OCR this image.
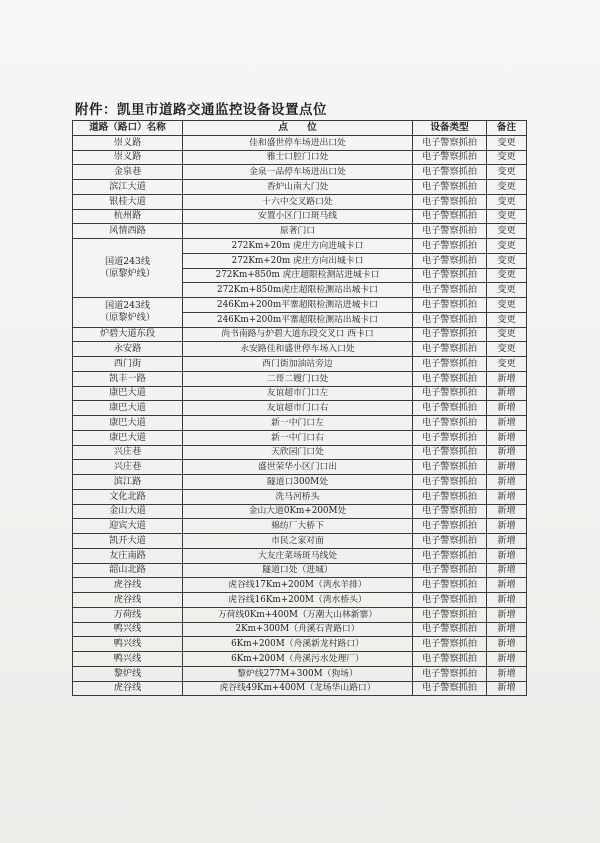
附件：凯里市道路交通监控设备设置点位
道路（路口）名称	点　　位	设备类型	备注
崇义路	佳和盛世停车场进出口处	电子警察抓拍	变更
崇义路	雅士口腔门口处	电子警察抓拍	变更
金泉巷	金泉一品停车场进出口处	电子警察抓拍	变更
滨江大道	香炉山南大门处	电子警察抓拍	变更
银桂大道	十六中交叉路口处	电子警察抓拍	变更
杭州路	安置小区门口斑马线	电子警察抓拍	变更
风情西路	原著门口	电子警察抓拍	变更
国道243线
（原黎炉线）	272Km+20m 虎庄方向进城卡口	电子警察抓拍	变更
	272Km+20m 虎庄方向出城卡口	电子警察抓拍	变更
	272Km+850m 虎庄超限检测站进城卡口	电子警察抓拍	变更
	272Km+850m虎庄超限检测站出城卡口	电子警察抓拍	变更
国道243线
（原黎炉线）	246Km+200m平寨超限检测站进城卡口	电子警察抓拍	变更
	246Km+200m平寨超限检测站出城卡口	电子警察抓拍	变更
炉碧大道东段	尚书南路与炉碧大道东段交叉口 西卡口	电子警察抓拍	变更
永安路	永安路佳和盛世停车场入口处	电子警察抓拍	变更
西门街	西门街加油站旁边	电子警察抓拍	变更
凯丰一路	二哥二嫂门口处	电子警察抓拍	新增
康巴大道	友谊超市门口左	电子警察抓拍	新增
康巴大道	友谊超市门口右	电子警察抓拍	新增
康巴大道	新一中门口左	电子警察抓拍	新增
康巴大道	新一中门口右	电子警察抓拍	新增
兴庄巷	天欣园门口处	电子警察抓拍	新增
兴庄巷	盛世荣华小区门口出	电子警察抓拍	新增
滨江路	隧道口300M处	电子警察抓拍	新增
文化北路	洗马河桥头	电子警察抓拍	新增
金山大道	金山大道0Km+200M处	电子警察抓拍	新增
迎宾大道	棉纺厂大桥下	电子警察抓拍	新增
凯开大道	市民之家对面	电子警察抓拍	新增
友庄南路	大友庄菜场斑马线处	电子警察抓拍	新增
韶山北路	隧道口处（进城）	电子警察抓拍	新增
虎谷线	虎谷线17Km+200M（湾水羊排）	电子警察抓拍	新增
虎谷线	虎谷线16Km+200M（湾水桥头）	电子警察抓拍	新增
万荷线	万荷线0Km+400M（万潮大山林新寨）	电子警察抓拍	新增
鸭兴线	2Km+300M（舟溪石青路口）	电子警察抓拍	新增
鸭兴线	6Km+200M（舟溪新龙村路口）	电子警察抓拍	新增
鸭兴线	6Km+200M（舟溪污水处理厂）	电子警察抓拍	新增
黎炉线	黎炉线277M+300M（狗场）	电子警察抓拍	新增
虎谷线	虎谷线49Km+400M（龙场华山路口）	电子警察抓拍	新增
